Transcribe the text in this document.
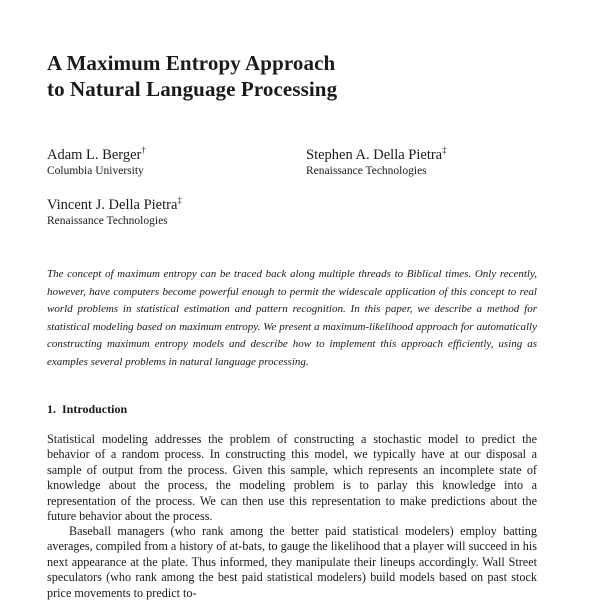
A Maximum Entropy Approach
to Natural Language Processing
Adam L. Berger†
Columbia University
Stephen A. Della Pietra‡
Renaissance Technologies
Vincent J. Della Pietra‡
Renaissance Technologies

The concept of maximum entropy can be traced back along multiple threads to Biblical times. Only recently, however, have computers become powerful enough to permit the widescale application of this concept to real world problems in statistical estimation and pattern recognition. In this paper, we describe a method for statistical modeling based on maximum entropy. We present a maximum-likelihood approach for automatically constructing maximum entropy models and describe how to implement this approach efficiently, using as examples several problems in natural language processing.

1. Introduction

Statistical modeling addresses the problem of constructing a stochastic model to predict the behavior of a random process. In constructing this model, we typically have at our disposal a sample of output from the process. Given this sample, which represents an incomplete state of knowledge about the process, the modeling problem is to parlay this knowledge into a representation of the process. We can then use this representation to make predictions about the future behavior about the process.

Baseball managers (who rank among the better paid statistical modelers) employ batting averages, compiled from a history of at-bats, to gauge the likelihood that a player will succeed in his next appearance at the plate. Thus informed, they manipulate their lineups accordingly. Wall Street speculators (who rank among the best paid statistical modelers) build models based on past stock price movements to predict to-
